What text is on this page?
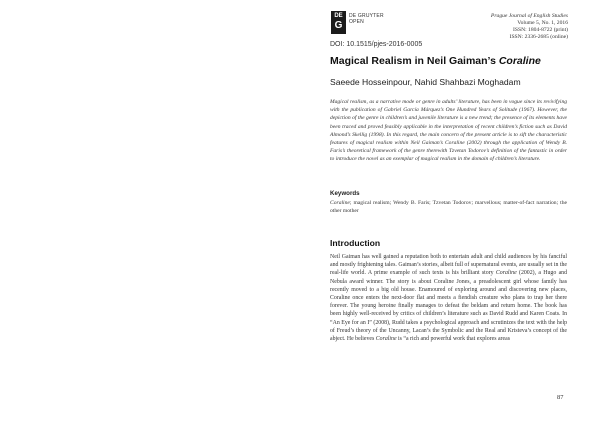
DE
G
DE GRUYTER
OPEN
Prague Journal of English Studies
Volume 5, No. 1, 2016
ISSN: 1804-8722 (print)
ISSN: 2336-2685 (online)
DOI: 10.1515/pjes-2016-0005
Magical Realism in Neil Gaiman’s Coraline
Saeede Hosseinpour, Nahid Shahbazi Moghadam
Magical realism, as a narrative mode or genre in adults’ literature, has been in vogue since its revivifying with the publication of Gabriel García Márquez’s One Hundred Years of Solitude (1967). However, the depiction of the genre in children’s and juvenile literature is a new trend; the presence of its elements have been traced and proved feasibly applicable in the interpretation of recent children’s fiction such as David Almond’s Skellig (1998). In this regard, the main concern of the present article is to sift the characteristic features of magical realism within Neil Gaiman’s Coraline (2002) through the application of Wendy B. Faris’s theoretical framework of the genre therewith Tzvetan Todorov’s definition of the fantastic in order to introduce the novel as an exemplar of magical realism in the domain of children’s literature.
Keywords
Coraline; magical realism; Wendy B. Faris; Tzvetan Todorov; marvellous; matter-of-fact narration; the other mother
Introduction
Neil Gaiman has well gained a reputation both to entertain adult and child audiences by his fanciful and mostly frightening tales. Gaiman’s stories, albeit full of supernatural events, are usually set in the real-life world. A prime example of such texts is his brilliant story Coraline (2002), a Hugo and Nebula award winner. The story is about Coraline Jones, a preadolescent girl whose family has recently moved to a big old house. Enamoured of exploring around and discovering new places, Coraline once enters the next-door flat and meets a fiendish creature who plans to trap her there forever. The young heroine finally manages to defeat the beldam and return home. The book has been highly well-received by critics of children’s literature such as David Rudd and Karen Coats. In “An Eye for an I” (2008), Rudd takes a psychological approach and scrutinizes the text with the help of Freud’s theory of the Uncanny, Lacan’s the Symbolic and the Real and Kristeva’s concept of the abject. He believes Coraline is “a rich and powerful work that explores areas
87
